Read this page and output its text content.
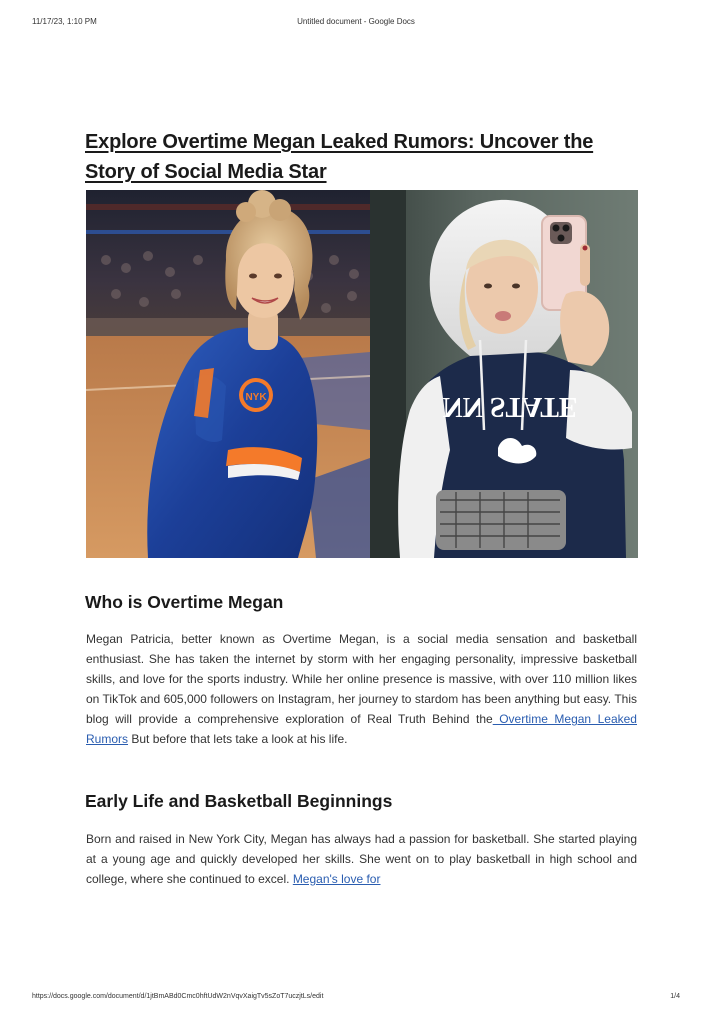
11/17/23, 1:10 PM	Untitled document - Google Docs
Explore Overtime Megan Leaked Rumors: Uncover the Story of Social Media Star
NYK	NN STATE
Who is Overtime Megan

Megan Patricia, better known as Overtime Megan, is a social media sensation and basketball enthusiast. She has taken the internet by storm with her engaging personality, impressive basketball skills, and love for the sports industry. While her online presence is massive, with over 110 million likes on TikTok and 605,000 followers on Instagram, her journey to stardom has been anything but easy. This blog will provide a comprehensive exploration of Real Truth Behind the Overtime Megan Leaked Rumors But before that lets take a look at his life.

Early Life and Basketball Beginnings

Born and raised in New York City, Megan has always had a passion for basketball. She started playing at a young age and quickly developed her skills. She went on to play basketball in high school and college, where she continued to excel. Megan's love for

https://docs.google.com/document/d/1jtBmABd0Cmc0hftUdW2nVqvXaigTv5sZoT7uczjtLs/edit	1/4
